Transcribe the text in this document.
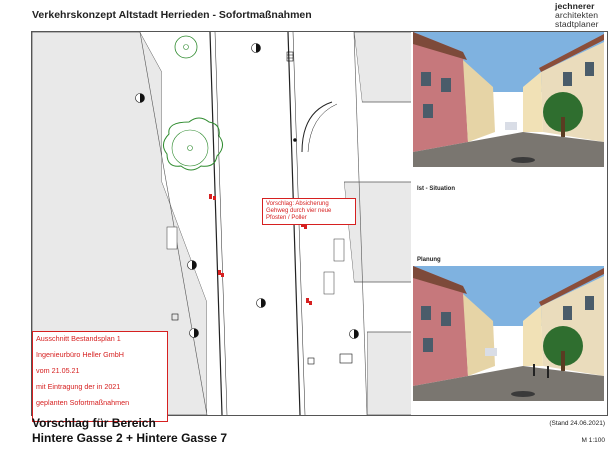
Verkehrskonzept Altstadt Herrieden - Sofortmaßnahmen
jechnerer
architekten
stadtplaner
Vorschlag: Absicherung
Gehweg durch vier neue
Pfosten / Poller
Ist - Situation
Planung
Ausschnitt Bestandsplan 1
Ingenieurbüro Heller GmbH
vom 21.05.21
mit Eintragung der in 2021
geplanten Sofortmaßnahmen
Vorschlag für Bereich
Hintere Gasse 2 + Hintere Gasse 7
(Stand 24.06.2021)
M 1:100
